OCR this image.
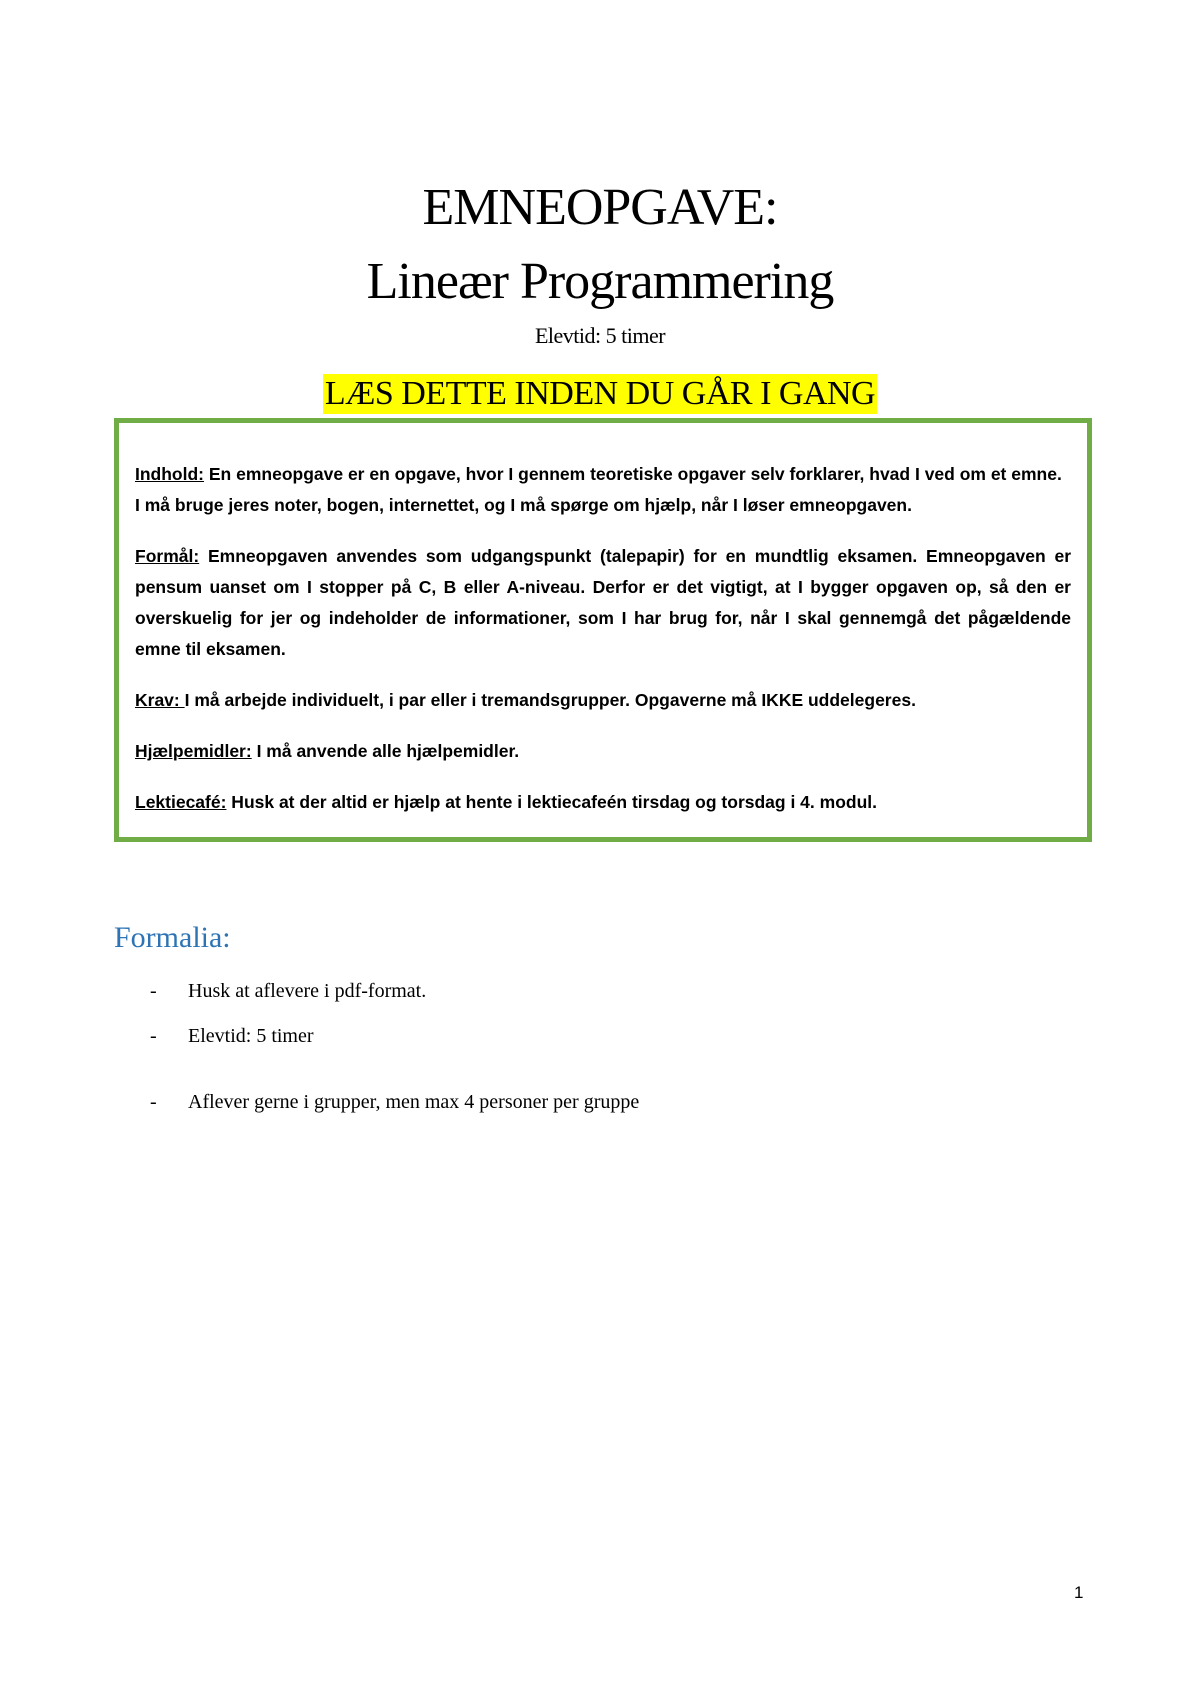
EMNEOPGAVE:
Lineær Programmering
Elevtid: 5 timer
LÆS DETTE INDEN DU GÅR I GANG

Indhold: En emneopgave er en opgave, hvor I gennem teoretiske opgaver selv forklarer, hvad I ved om et emne. I må bruge jeres noter, bogen, internettet, og I må spørge om hjælp, når I løser emneopgaven.

Formål: Emneopgaven anvendes som udgangspunkt (talepapir) for en mundtlig eksamen. Emneopgaven er pensum uanset om I stopper på C, B eller A-niveau. Derfor er det vigtigt, at I bygger opgaven op, så den er overskuelig for jer og indeholder de informationer, som I har brug for, når I skal gennemgå det pågældende emne til eksamen.

Krav: I må arbejde individuelt, i par eller i tremandsgrupper. Opgaverne må IKKE uddelegeres.

Hjælpemidler: I må anvende alle hjælpemidler.

Lektiecafé: Husk at der altid er hjælp at hente i lektiecafeén tirsdag og torsdag i 4. modul.

Formalia:
- Husk at aflevere i pdf-format.
- Elevtid: 5 timer
- Aflever gerne i grupper, men max 4 personer per gruppe
1
